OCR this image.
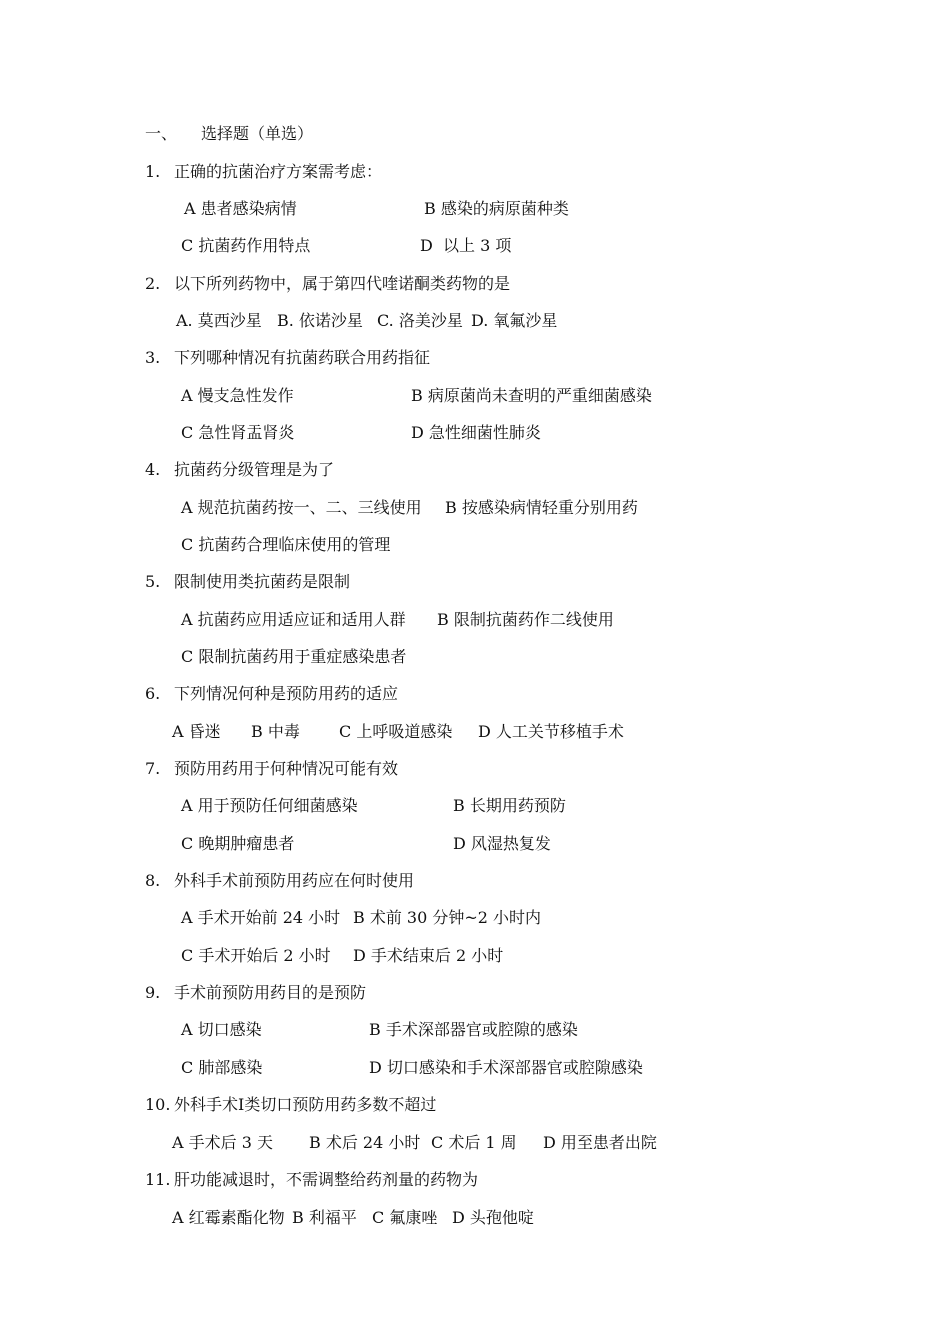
一、 选择题（单选）
1. 正确的抗菌治疗方案需考虑：
A 患者感染病情	B 感染的病原菌种类
C 抗菌药作用特点	D  以上 3 项
2. 以下所列药物中，属于第四代喹诺酮类药物的是
A. 莫西沙星 B. 依诺沙星 C. 洛美沙星 D. 氧氟沙星
3. 下列哪种情况有抗菌药联合用药指征
A 慢支急性发作	B 病原菌尚未查明的严重细菌感染
C 急性肾盂肾炎	D 急性细菌性肺炎
4. 抗菌药分级管理是为了
A 规范抗菌药按一、二、三线使用 B 按感染病情轻重分别用药
C 抗菌药合理临床使用的管理
5. 限制使用类抗菌药是限制
A 抗菌药应用适应证和适用人群 B 限制抗菌药作二线使用
C 限制抗菌药用于重症感染患者
6. 下列情况何种是预防用药的适应
A 昏迷 B 中毒 C 上呼吸道感染 D 人工关节移植手术
7. 预防用药用于何种情况可能有效
A 用于预防任何细菌感染	B 长期用药预防
C 晚期肿瘤患者	D 风湿热复发
8. 外科手术前预防用药应在何时使用
A 手术开始前 24 小时 B 术前 30 分钟~2 小时内
C 手术开始后 2 小时 D 手术结束后 2 小时
9. 手术前预防用药目的是预防
A 切口感染	B 手术深部器官或腔隙的感染
C 肺部感染	D 切口感染和手术深部器官或腔隙感染
10. 外科手术Ⅰ类切口预防用药多数不超过
A 手术后 3 天 B 术后 24 小时 C 术后 1 周 D 用至患者出院
11. 肝功能减退时，不需调整给药剂量的药物为
A 红霉素酯化物 B 利福平 C 氟康唑 D 头孢他啶
